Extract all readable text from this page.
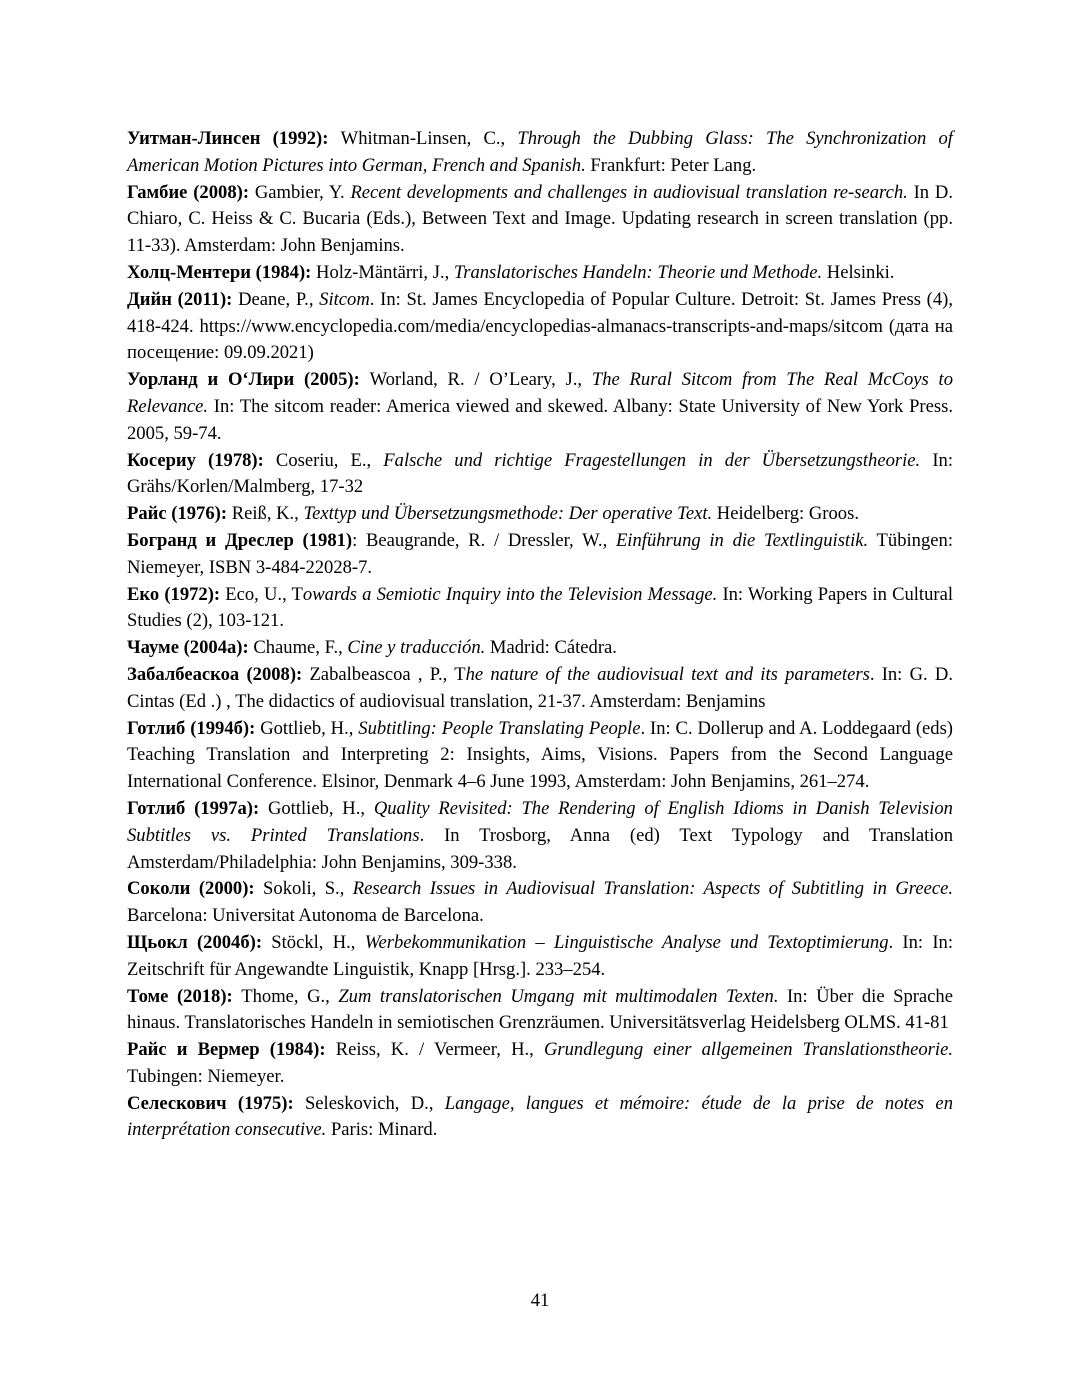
Уитман-Линсен (1992): Whitman-Linsen, C., Through the Dubbing Glass: The Synchronization of American Motion Pictures into German, French and Spanish. Frankfurt: Peter Lang.

Гамбие (2008): Gambier, Y. Recent developments and challenges in audiovisual translation re-search. In D. Chiaro, C. Heiss & C. Bucaria (Eds.), Between Text and Image. Updating research in screen translation (pp. 11-33). Amsterdam: John Benjamins.

Холц-Ментери (1984): Holz-Mäntärri, J., Translatorisches Handeln: Theorie und Methode. Helsinki.

Дийн (2011): Deane, P., Sitcom. In: St. James Encyclopedia of Popular Culture. Detroit: St. James Press (4), 418-424. https://www.encyclopedia.com/media/encyclopedias-almanacs-transcripts-and-maps/sitcom (дата на посещение: 09.09.2021)

Уорланд и О‘Лири (2005): Worland, R. / O’Leary, J., The Rural Sitcom from The Real McCoys to Relevance. In: The sitcom reader: America viewed and skewed. Albany: State University of New York Press. 2005, 59-74.

Косериу (1978): Coseriu, E., Falsche und richtige Fragestellungen in der Übersetzungstheorie. In: Grähs/Korlen/Malmberg, 17-32

Райс (1976): Reiß, K., Texttyp und Übersetzungsmethode: Der operative Text. Heidelberg: Groos.

Богранд и Дреслер (1981): Beaugrande, R. / Dressler, W., Einführung in die Textlinguistik. Tübingen: Niemeyer, ISBN 3-484-22028-7.

Еко (1972): Eco, U., Towards a Semiotic Inquiry into the Television Message. In: Working Papers in Cultural Studies (2), 103-121.

Чауме (2004а): Chaume, F., Cine y traducción. Madrid: Cátedra.

Забалбеаскоа (2008): Zabalbeascoa , P., The nature of the audiovisual text and its parameters. In: G. D. Cintas (Ed .) , The didactics of audiovisual translation, 21-37. Amsterdam: Benjamins

Готлиб (1994б): Gottlieb, H., Subtitling: People Translating People. In: C. Dollerup and A. Loddegaard (eds) Teaching Translation and Interpreting 2: Insights, Aims, Visions. Papers from the Second Language International Conference. Elsinor, Denmark 4–6 June 1993, Amsterdam: John Benjamins, 261–274.

Готлиб (1997а): Gottlieb, H., Quality Revisited: The Rendering of English Idioms in Danish Television Subtitles vs. Printed Translations. In Trosborg, Anna (ed) Text Typology and Translation Amsterdam/Philadelphia: John Benjamins, 309-338.

Соколи (2000): Sokoli, S., Research Issues in Audiovisual Translation: Aspects of Subtitling in Greece. Barcelona: Universitat Autonoma de Barcelona.

Щьокл (2004б): Stöckl, H., Werbekommunikation – Linguistische Analyse und Textoptimierung. In: In: Zeitschrift für Angewandte Linguistik, Knapp [Hrsg.]. 233–254.

Томе (2018): Thome, G., Zum translatorischen Umgang mit multimodalen Texten. In: Über die Sprache hinaus. Translatorisches Handeln in semiotischen Grenzräumen. Universitätsverlag Heidelsberg OLMS. 41-81

Райс и Вермер (1984): Reiss, K. / Vermeer, H., Grundlegung einer allgemeinen Translationstheorie. Tubingen: Niemeyer.

Селескович (1975): Seleskovich, D., Langage, langues et mémoire: étude de la prise de notes en interprétation consecutive. Paris: Minard.

41
